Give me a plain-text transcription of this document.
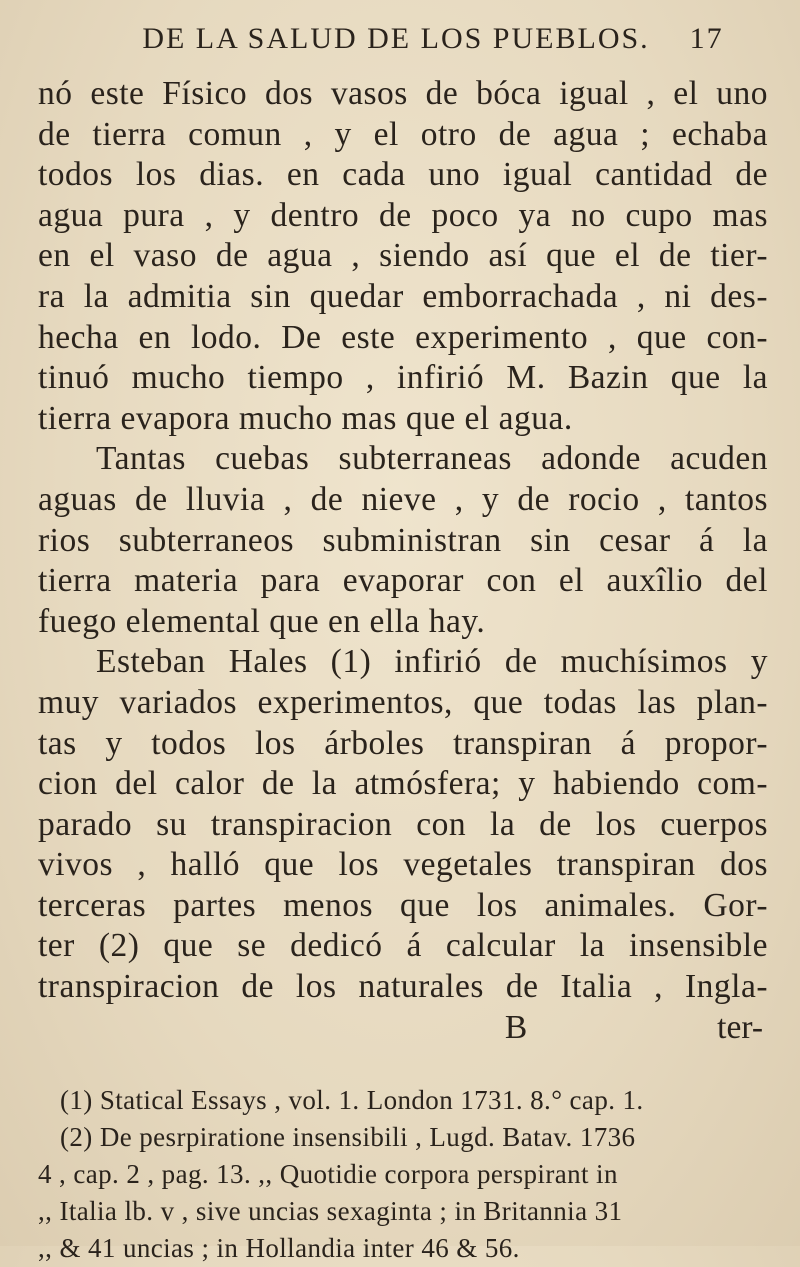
DE LA SALUD DE LOS PUEBLOS. 17
nó este Físico dos vasos de bóca igual , el uno
de tierra comun , y el otro de agua ; echaba
todos los dias. en cada uno igual cantidad de
agua pura , y dentro de poco ya no cupo mas
en el vaso de agua , siendo así que el de tier-
ra la admitia sin quedar emborrachada , ni des-
hecha en lodo. De este experimento , que con-
tinuó mucho tiempo , infirió M. Bazin que la
tierra evapora mucho mas que el agua.
Tantas cuebas subterraneas adonde acuden
aguas de lluvia , de nieve , y de rocio , tantos
rios subterraneos subministran sin cesar á la
tierra materia para evaporar con el auxîlio del
fuego elemental que en ella hay.
Esteban Hales (1) infirió de muchísimos y
muy variados experimentos, que todas las plan-
tas y todos los árboles transpiran á propor-
cion del calor de la atmósfera; y habiendo com-
parado su transpiracion con la de los cuerpos
vivos , halló que los vegetales transpiran dos
terceras partes menos que los animales. Gor-
ter (2) que se dedicó á calcular la insensible
transpiracion de los naturales de Italia , Ingla-
B	ter-
(1) Statical Essays , vol. 1. London 1731. 8.° cap. 1.
(2) De pesrpiratione insensibili , Lugd. Batav. 1736
4 , cap. 2 , pag. 13. ,, Quotidie corpora perspirant in
,, Italia lb. v , sive uncias sexaginta ; in Britannia 31
,, & 41 uncias ; in Hollandia inter 46 & 56.
